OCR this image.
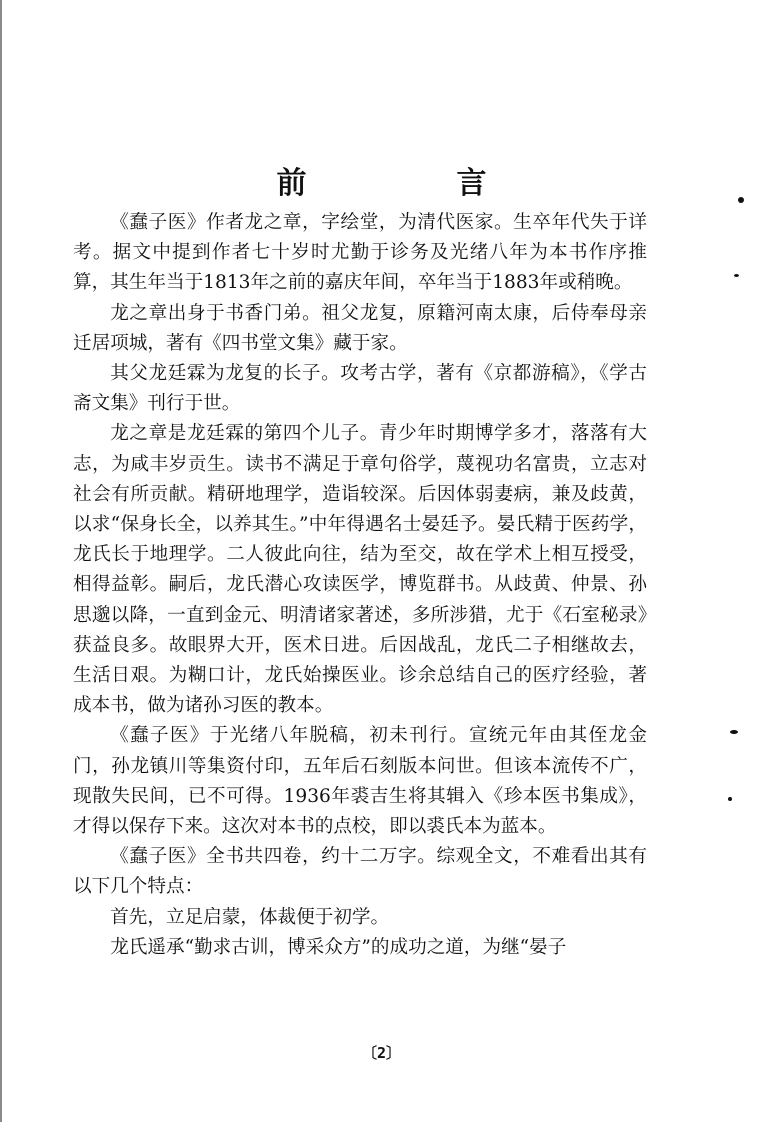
前　言

《蠢子医》作者龙之章，字绘堂，为清代医家。生卒年代失于详考。据文中提到作者七十岁时尤勤于诊务及光绪八年为本书作序推算，其生年当于1813年之前的嘉庆年间，卒年当于1883年或稍晚。

龙之章出身于书香门弟。祖父龙复，原籍河南太康，后侍奉母亲迁居项城，著有《四书堂文集》藏于家。

其父龙廷霖为龙复的长子。攻考古学，著有《京都游稿》，《学古斋文集》刊行于世。

龙之章是龙廷霖的第四个儿子。青少年时期博学多才，落落有大志，为咸丰岁贡生。读书不满足于章句俗学，蔑视功名富贵，立志对社会有所贡献。精研地理学，造诣较深。后因体弱妻病，兼及歧黄，以求“保身长全，以养其生。”中年得遇名士晏廷予。晏氏精于医药学，龙氏长于地理学。二人彼此向往，结为至交，故在学术上相互授受，相得益彰。嗣后，龙氏潜心攻读医学，博览群书。从歧黄、仲景、孙思邈以降，一直到金元、明清诸家著述，多所涉猎，尤于《石室秘录》获益良多。故眼界大开，医术日进。后因战乱，龙氏二子相继故去，生活日艰。为糊口计，龙氏始操医业。诊余总结自己的医疗经验，著成本书，做为诸孙习医的教本。

《蠢子医》于光绪八年脱稿，初未刊行。宣统元年由其侄龙金门，孙龙镇川等集资付印，五年后石刻版本问世。但该本流传不广，现散失民间，已不可得。1936年裘吉生将其辑入《珍本医书集成》，才得以保存下来。这次对本书的点校，即以裘氏本为蓝本。

《蠢子医》全书共四卷，约十二万字。综观全文，不难看出其有以下几个特点：

首先，立足启蒙，体裁便于初学。

龙氏遥承“勤求古训，博采众方”的成功之道，为继“晏子

〔2〕
